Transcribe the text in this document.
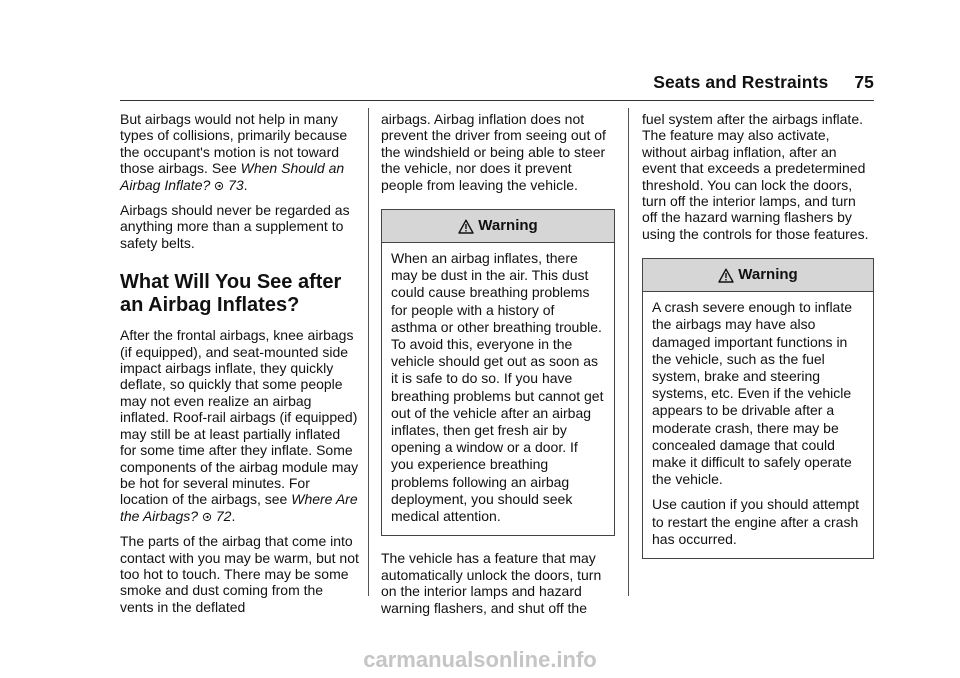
Seats and Restraints 75

But airbags would not help in many types of collisions, primarily because the occupant's motion is not toward those airbags. See When Should an Airbag Inflate? 73.

Airbags should never be regarded as anything more than a supplement to safety belts.

What Will You See after an Airbag Inflates?

After the frontal airbags, knee airbags (if equipped), and seat-mounted side impact airbags inflate, they quickly deflate, so quickly that some people may not even realize an airbag inflated. Roof-rail airbags (if equipped) may still be at least partially inflated for some time after they inflate. Some components of the airbag module may be hot for several minutes. For location of the airbags, see Where Are the Airbags? 72.

The parts of the airbag that come into contact with you may be warm, but not too hot to touch. There may be some smoke and dust coming from the vents in the deflated

airbags. Airbag inflation does not prevent the driver from seeing out of the windshield or being able to steer the vehicle, nor does it prevent people from leaving the vehicle.

Warning

When an airbag inflates, there may be dust in the air. This dust could cause breathing problems for people with a history of asthma or other breathing trouble. To avoid this, everyone in the vehicle should get out as soon as it is safe to do so. If you have breathing problems but cannot get out of the vehicle after an airbag inflates, then get fresh air by opening a window or a door. If you experience breathing problems following an airbag deployment, you should seek medical attention.

The vehicle has a feature that may automatically unlock the doors, turn on the interior lamps and hazard warning flashers, and shut off the

fuel system after the airbags inflate. The feature may also activate, without airbag inflation, after an event that exceeds a predetermined threshold. You can lock the doors, turn off the interior lamps, and turn off the hazard warning flashers by using the controls for those features.

Warning

A crash severe enough to inflate the airbags may have also damaged important functions in the vehicle, such as the fuel system, brake and steering systems, etc. Even if the vehicle appears to be drivable after a moderate crash, there may be concealed damage that could make it difficult to safely operate the vehicle.

Use caution if you should attempt to restart the engine after a crash has occurred.

carmanualsonline.info
